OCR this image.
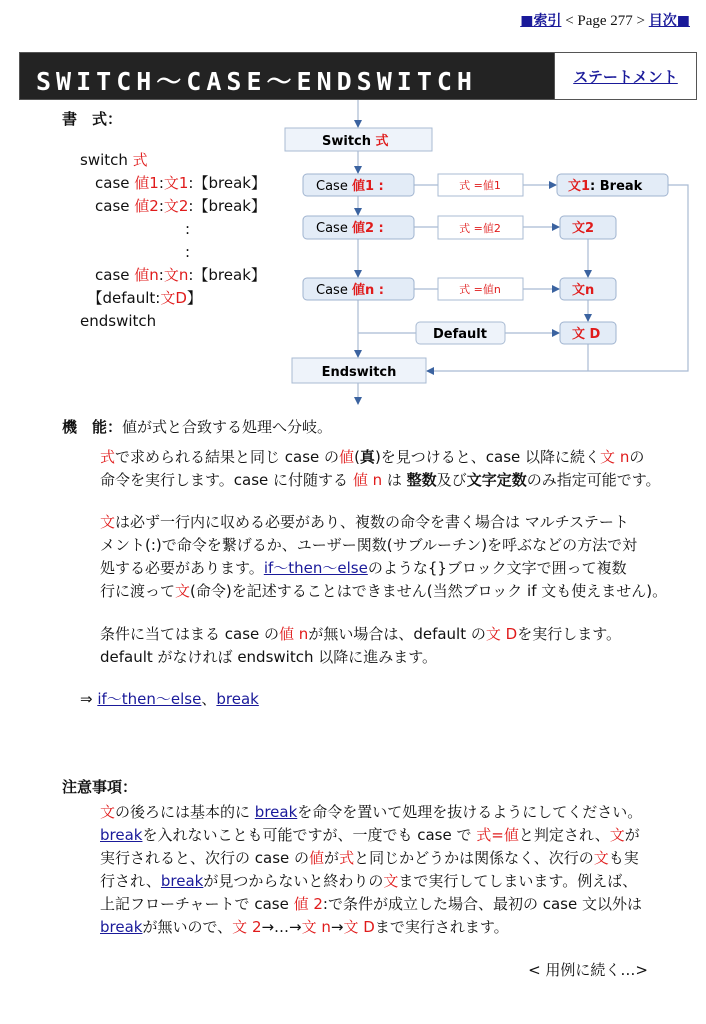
■索引 < Page 277 > 目次■
SWITCH～CASE～ENDSWITCH	ステートメント
書　式：
switch 式
　case 値1:文1:【break】
　case 値2:文2:【break】
　　　　　　　:
　　　　　　　:
　case 値n:文n:【break】
　【default:文D】
endswitch
Switch 式
Case 値1 :
Case 値2 :
Case 値n :
式 =値1
式 =値2
式 =値n
文1: Break
文2
文n
文 D
Default
Endswitch
機　能：値が式と合致する処理へ分岐。
式で求められる結果と同じ case の値(真)を見つけると、case 以降に続く文 nの
命令を実行します。case に付随する 値 n は 整数及び文字定数のみ指定可能です。
文は必ず一行内に収める必要があり、複数の命令を書く場合は マルチステート
メント(:)で命令を繋げるか、ユーザー関数(サブルーチン)を呼ぶなどの方法で対
処する必要があります。if～then～elseのような{}ブロック文字で囲って複数
行に渡って文(命令)を記述することはできません(当然ブロック if 文も使えません)。
条件に当てはまる case の値 nが無い場合は、default の文 Dを実行します。
default がなければ endswitch 以降に進みます。
⇒ if～then～else、break
注意事項：
文の後ろには基本的に breakを命令を置いて処理を抜けるようにしてください。
breakを入れないことも可能ですが、一度でも case で 式=値と判定され、文が
実行されると、次行の case の値が式と同じかどうかは関係なく、次行の文も実
行され、breakが見つからないと終わりの文まで実行してしまいます。例えば、
上記フローチャートで case 値 2:で条件が成立した場合、最初の case 文以外は
breakが無いので、文 2→…→文 n→文 Dまで実行されます。
< 用例に続く…>
